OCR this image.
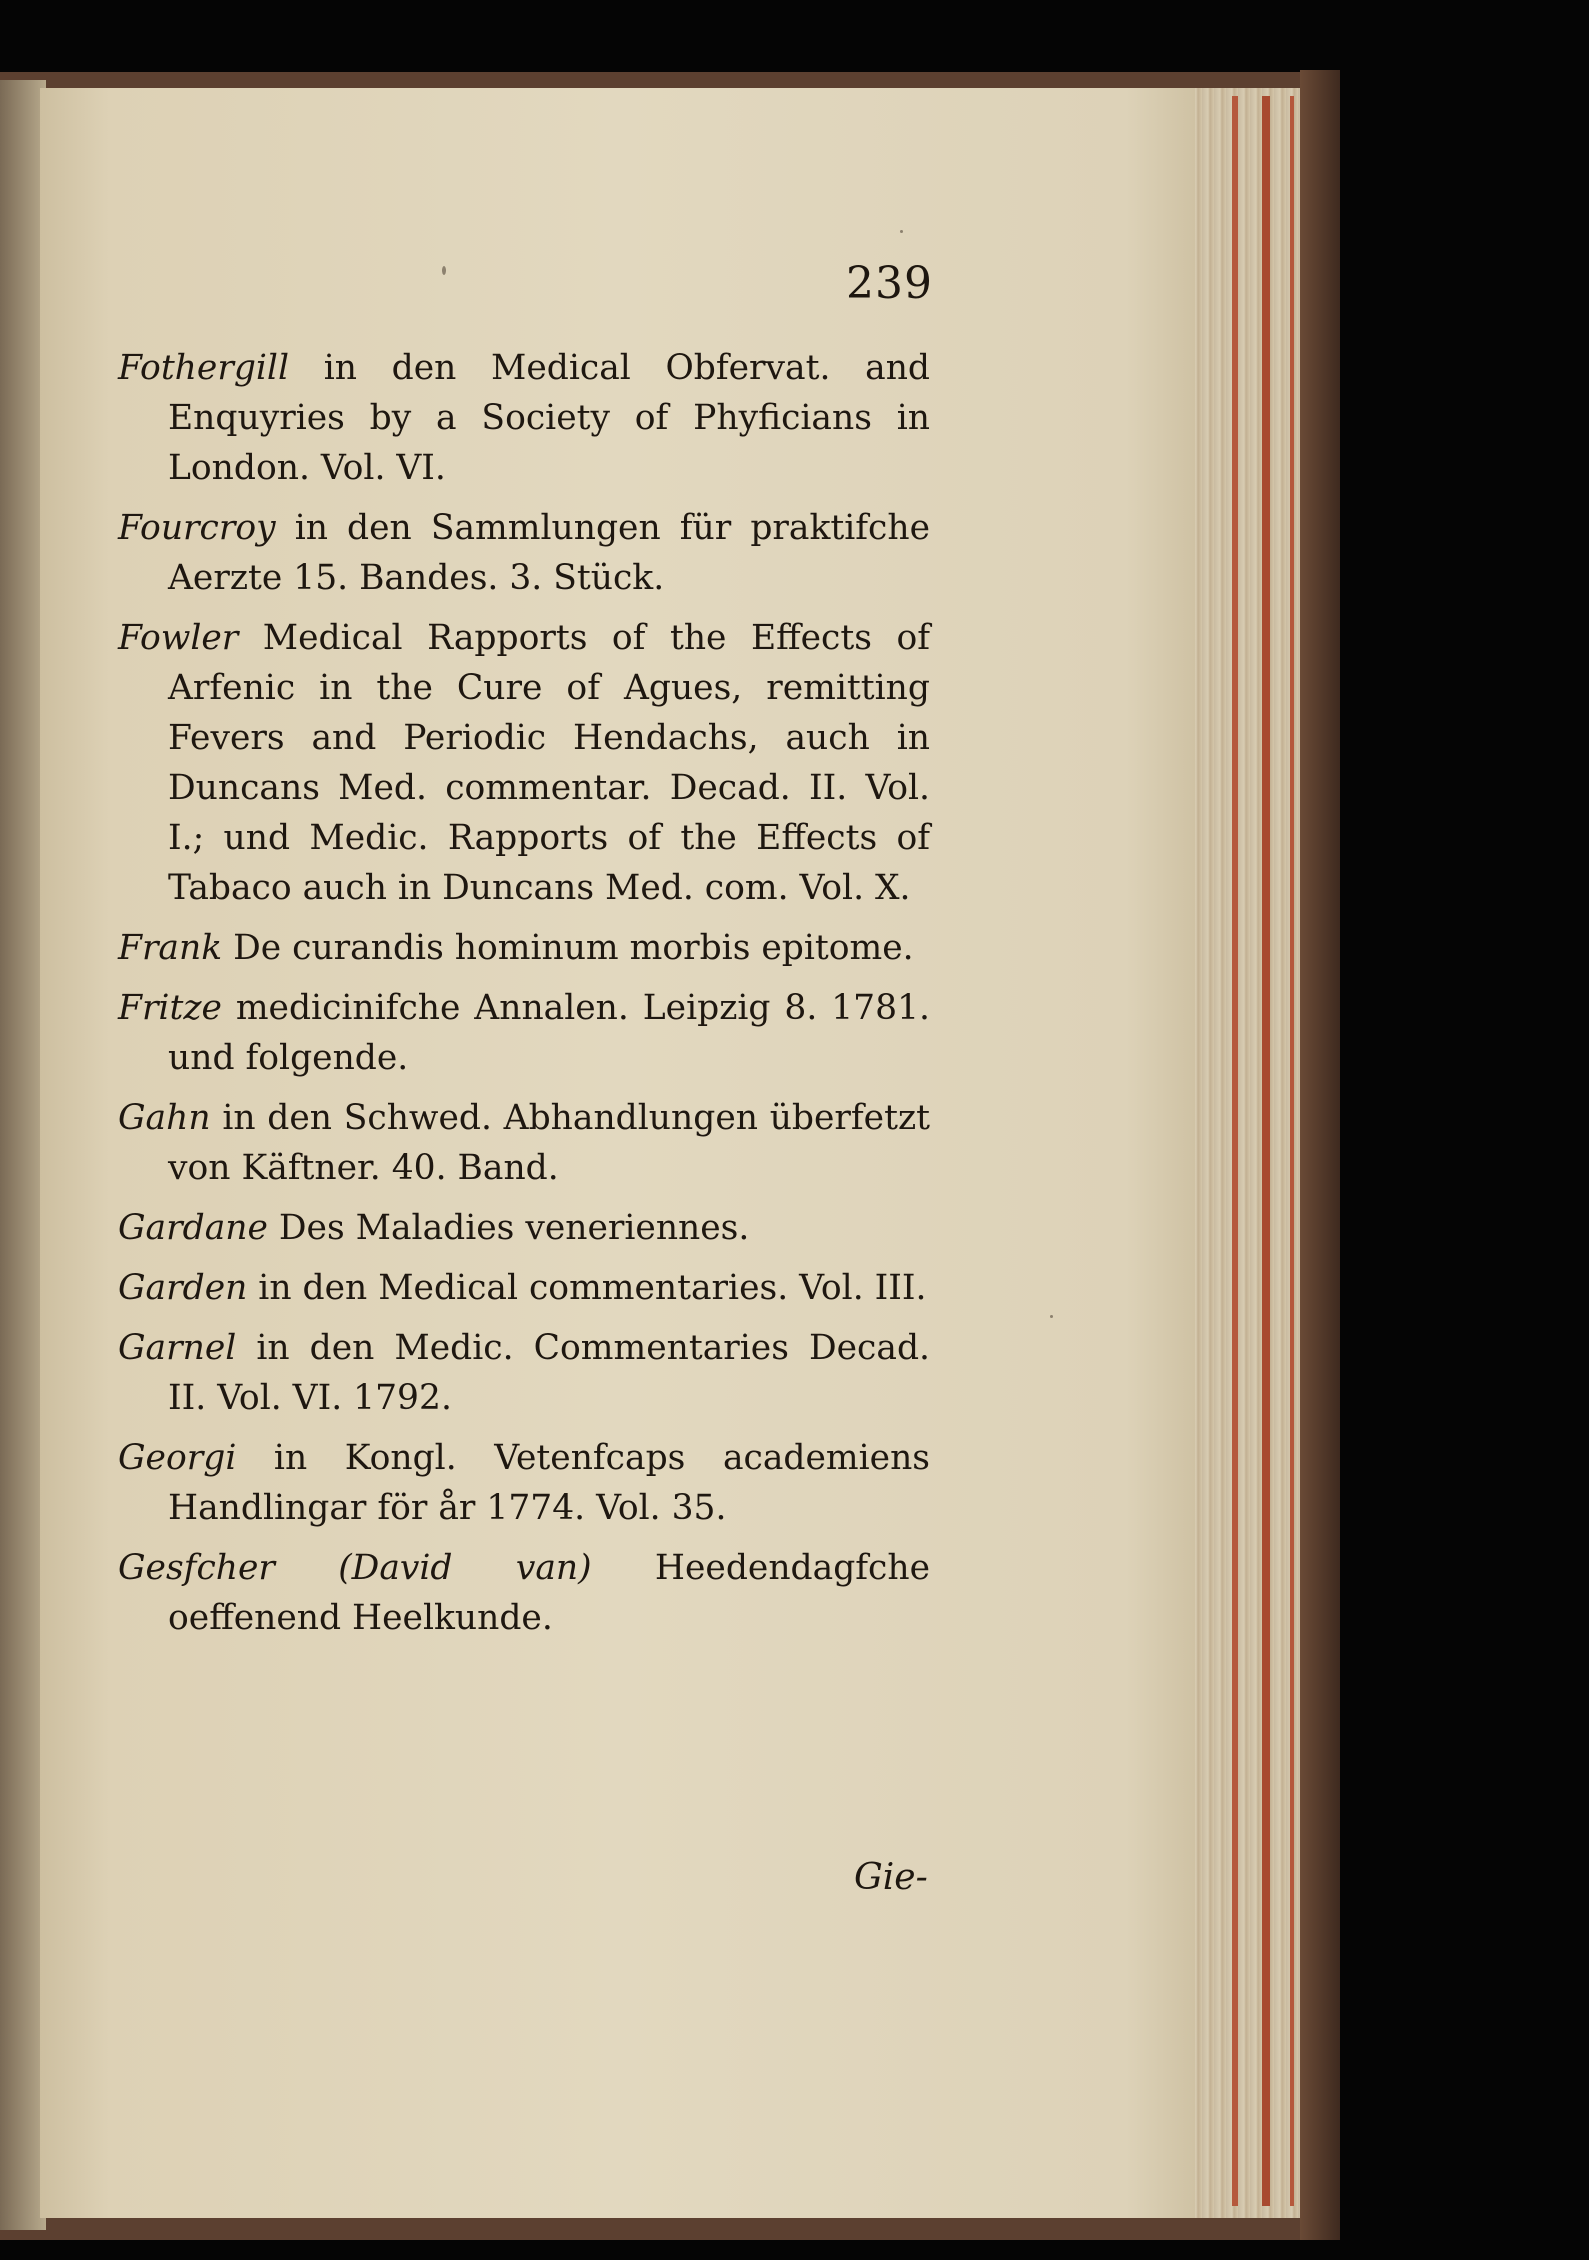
239
Fothergill in den Medical Obfervat. and Enquyries by a Society of Phyficians in London. Vol. VI.
Fourcroy in den Sammlungen für praktifche Aerzte 15. Bandes. 3. Stück.
Fowler Medical Rapports of the Effects of Arfenic in the Cure of Agues, remitting Fevers and Periodic Hendachs, auch in Duncans Med. commentar. Decad. II. Vol. I.; und Medic. Rapports of the Effects of Tabaco auch in Duncans Med. com. Vol. X.
Frank De curandis hominum morbis epitome.
Fritze medicinifche Annalen. Leipzig 8. 1781. und folgende.
Gahn in den Schwed. Abhandlungen überfetzt von Käftner. 40. Band.
Gardane Des Maladies veneriennes.
Garden in den Medical commentaries. Vol. III.
Garnel in den Medic. Commentaries Decad. II. Vol. VI. 1792.
Georgi in Kongl. Vetenfcaps academiens Handlingar för år 1774. Vol. 35.
Gesfcher (David van) Heedendagfche oeffenend Heelkunde.
Gie-
